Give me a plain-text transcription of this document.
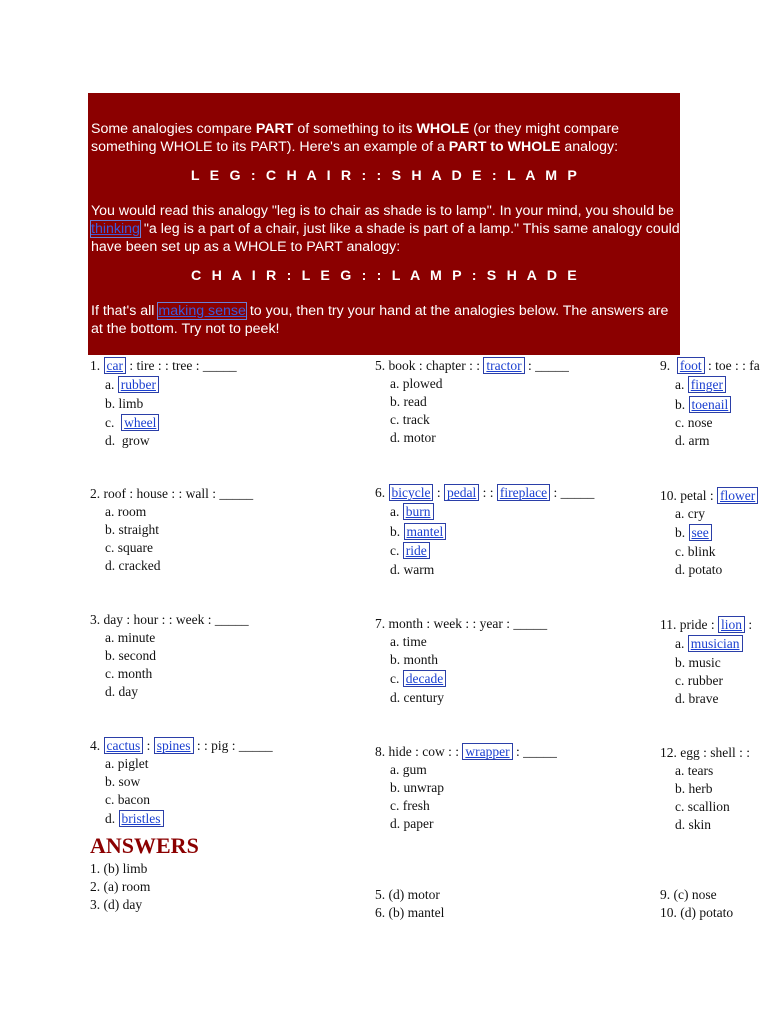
Some analogies compare PART of something to its WHOLE (or they might compare something WHOLE to its PART). Here's an example of a PART to WHOLE analogy:

L E G : C H A I R : : S H A D E : L A M P

You would read this analogy "leg is to chair as shade is to lamp". In your mind, you should be thinking "a leg is a part of a chair, just like a shade is part of a lamp." This same analogy could have been set up as a WHOLE to PART analogy:

C H A I R : L E G : : L A M P : S H A D E

If that's all making sense to you, then try your hand at the analogies below. The answers are at the bottom. Try not to peek!

1. car : tire : : tree : _____
a. rubber
b. limb
c. wheel
d. grow
2. roof : house : : wall : _____
a. room
b. straight
c. square
d. cracked
3. day : hour : : week : _____
a. minute
b. second
c. month
d. day
4. cactus : spines : : pig : _____
a. piglet
b. sow
c. bacon
d. bristles
5. book : chapter : : tractor : _____
a. plowed
b. read
c. track
d. motor
6. bicycle : pedal : : fireplace : _____
a. burn
b. mantel
c. ride
d. warm
7. month : week : : year : _____
a. time
b. month
c. decade
d. century
8. hide : cow : : wrapper : _____
a. gum
b. unwrap
c. fresh
d. paper
9. foot : toe : : fa
a. finger
b. toenail
c. nose
d. arm
10. petal : flower
a. cry
b. see
c. blink
d. potato
11. pride : lion :
a. musician
b. music
c. rubber
d. brave
12. egg : shell : :
a. tears
b. herb
c. scallion
d. skin
ANSWERS
1. (b) limb
2. (a) room
3. (d) day
5. (d) motor
6. (b) mantel
9. (c) nose
10. (d) potato
